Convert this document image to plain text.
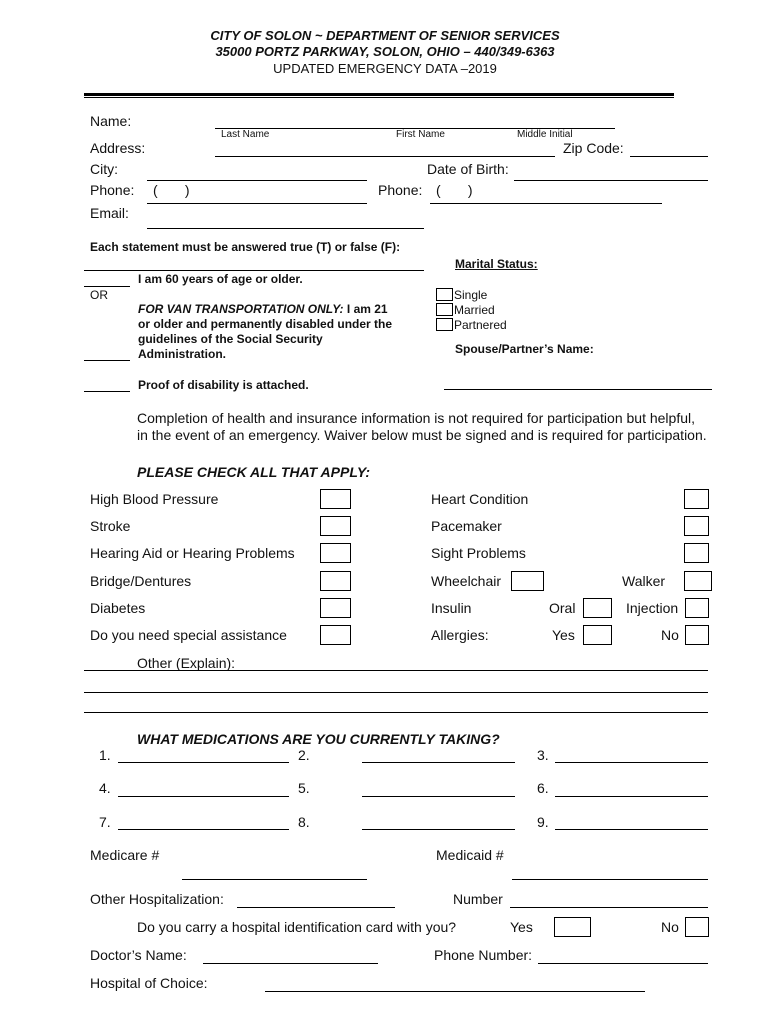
CITY OF SOLON ~ DEPARTMENT OF SENIOR SERVICES
35000 PORTZ PARKWAY, SOLON, OHIO – 440/349-6363
UPDATED EMERGENCY DATA –2019
Name:
Last Name	First Name	Middle Initial
Address:	Zip Code:
City:	Date of Birth:
Phone: (       )	Phone: (       )
Email:
Each statement must be answered true (T) or false (F):
I am 60 years of age or older.
OR
FOR VAN TRANSPORTATION ONLY: I am 21
or older and permanently disabled under the
guidelines of the Social Security
Administration.
Proof of disability is attached.
Marital Status:
Single
Married
Partnered
Spouse/Partner’s Name:
Completion of health and insurance information is not required for participation but helpful,
in the event of an emergency. Waiver below must be signed and is required for participation.
PLEASE CHECK ALL THAT APPLY:
High Blood Pressure	Heart Condition
Stroke	Pacemaker
Hearing Aid or Hearing Problems	Sight Problems
Bridge/Dentures	Wheelchair	Walker
Diabetes	Insulin	Oral	Injection
Do you need special assistance	Allergies:	Yes	No
Other (Explain):
WHAT MEDICATIONS ARE YOU CURRENTLY TAKING?
1.	2.	3.
4.	5.	6.
7.	8.	9.
Medicare #	Medicaid #
Other Hospitalization:	Number
Do you carry a hospital identification card with you?	Yes	No
Doctor’s Name:	Phone Number:
Hospital of Choice:
